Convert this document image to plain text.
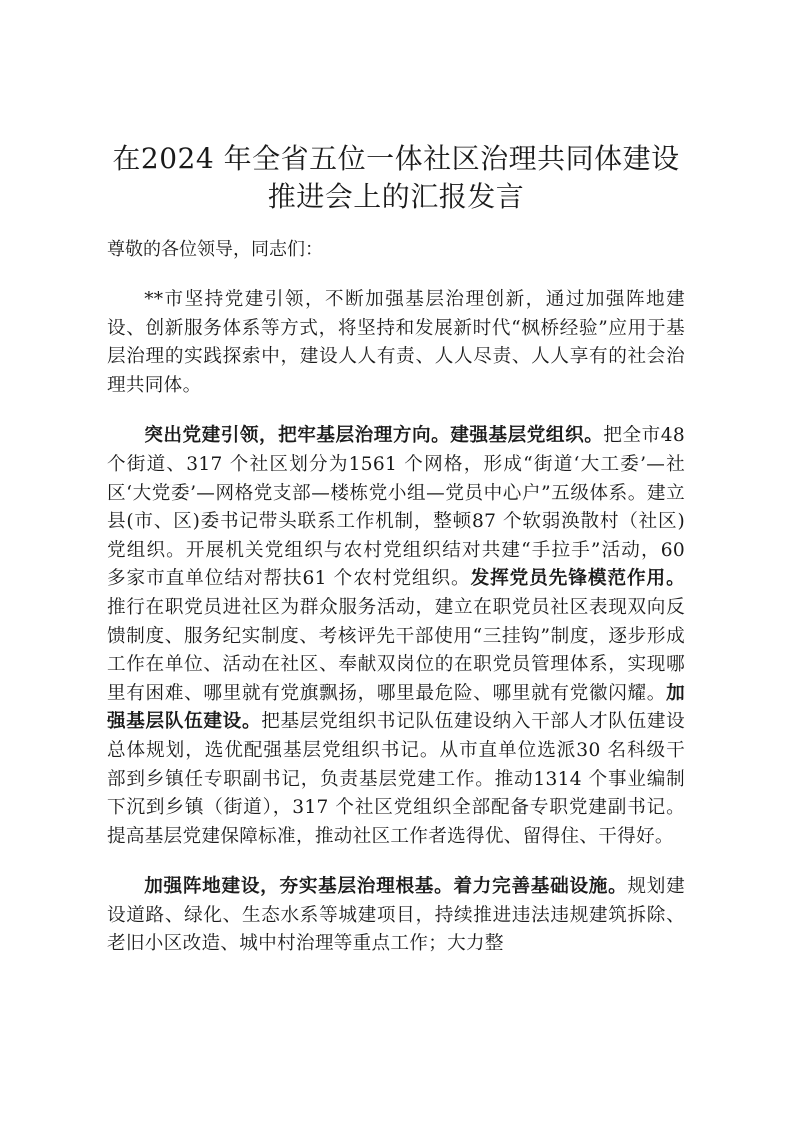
在2024 年全省五位一体社区治理共同体建设
推进会上的汇报发言

尊敬的各位领导，同志们：

**市坚持党建引领，不断加强基层治理创新，通过加强阵地建设、创新服务体系等方式，将坚持和发展新时代“枫桥经验”应用于基层治理的实践探索中，建设人人有责、人人尽责、人人享有的社会治理共同体。

突出党建引领，把牢基层治理方向。建强基层党组织。把全市48 个街道、317 个社区划分为1561 个网格，形成“街道‘大工委’—社区‘大党委’—网格党支部—楼栋党小组—党员中心户”五级体系。建立县(市、区)委书记带头联系工作机制，整顿87 个软弱涣散村（社区)党组织。开展机关党组织与农村党组织结对共建“手拉手”活动，60 多家市直单位结对帮扶61 个农村党组织。发挥党员先锋模范作用。推行在职党员进社区为群众服务活动，建立在职党员社区表现双向反馈制度、服务纪实制度、考核评先干部使用“三挂钩”制度，逐步形成工作在单位、活动在社区、奉献双岗位的在职党员管理体系，实现哪里有困难、哪里就有党旗飘扬，哪里最危险、哪里就有党徽闪耀。加强基层队伍建设。把基层党组织书记队伍建设纳入干部人才队伍建设总体规划，选优配强基层党组织书记。从市直单位选派30 名科级干部到乡镇任专职副书记，负责基层党建工作。推动1314 个事业编制下沉到乡镇（街道），317 个社区党组织全部配备专职党建副书记。提高基层党建保障标准，推动社区工作者选得优、留得住、干得好。

加强阵地建设，夯实基层治理根基。着力完善基础设施。规划建设道路、绿化、生态水系等城建项目，持续推进违法违规建筑拆除、老旧小区改造、城中村治理等重点工作；大力整
